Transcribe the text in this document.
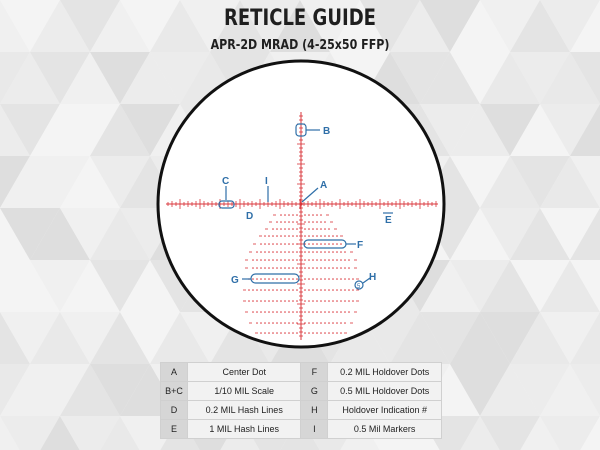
RETICLE GUIDE
APR-2D MRAD (4-25x50 FFP)
A
B
C
D	E
F
G	H
I
5
A	Center Dot	F	0.2 MIL Holdover Dots
B+C	1/10 MIL Scale	G	0.5 MIL Holdover Dots
D	0.2 MIL Hash Lines	H	Holdover Indication #
E	1 MIL Hash Lines	I	0.5 Mil Markers
